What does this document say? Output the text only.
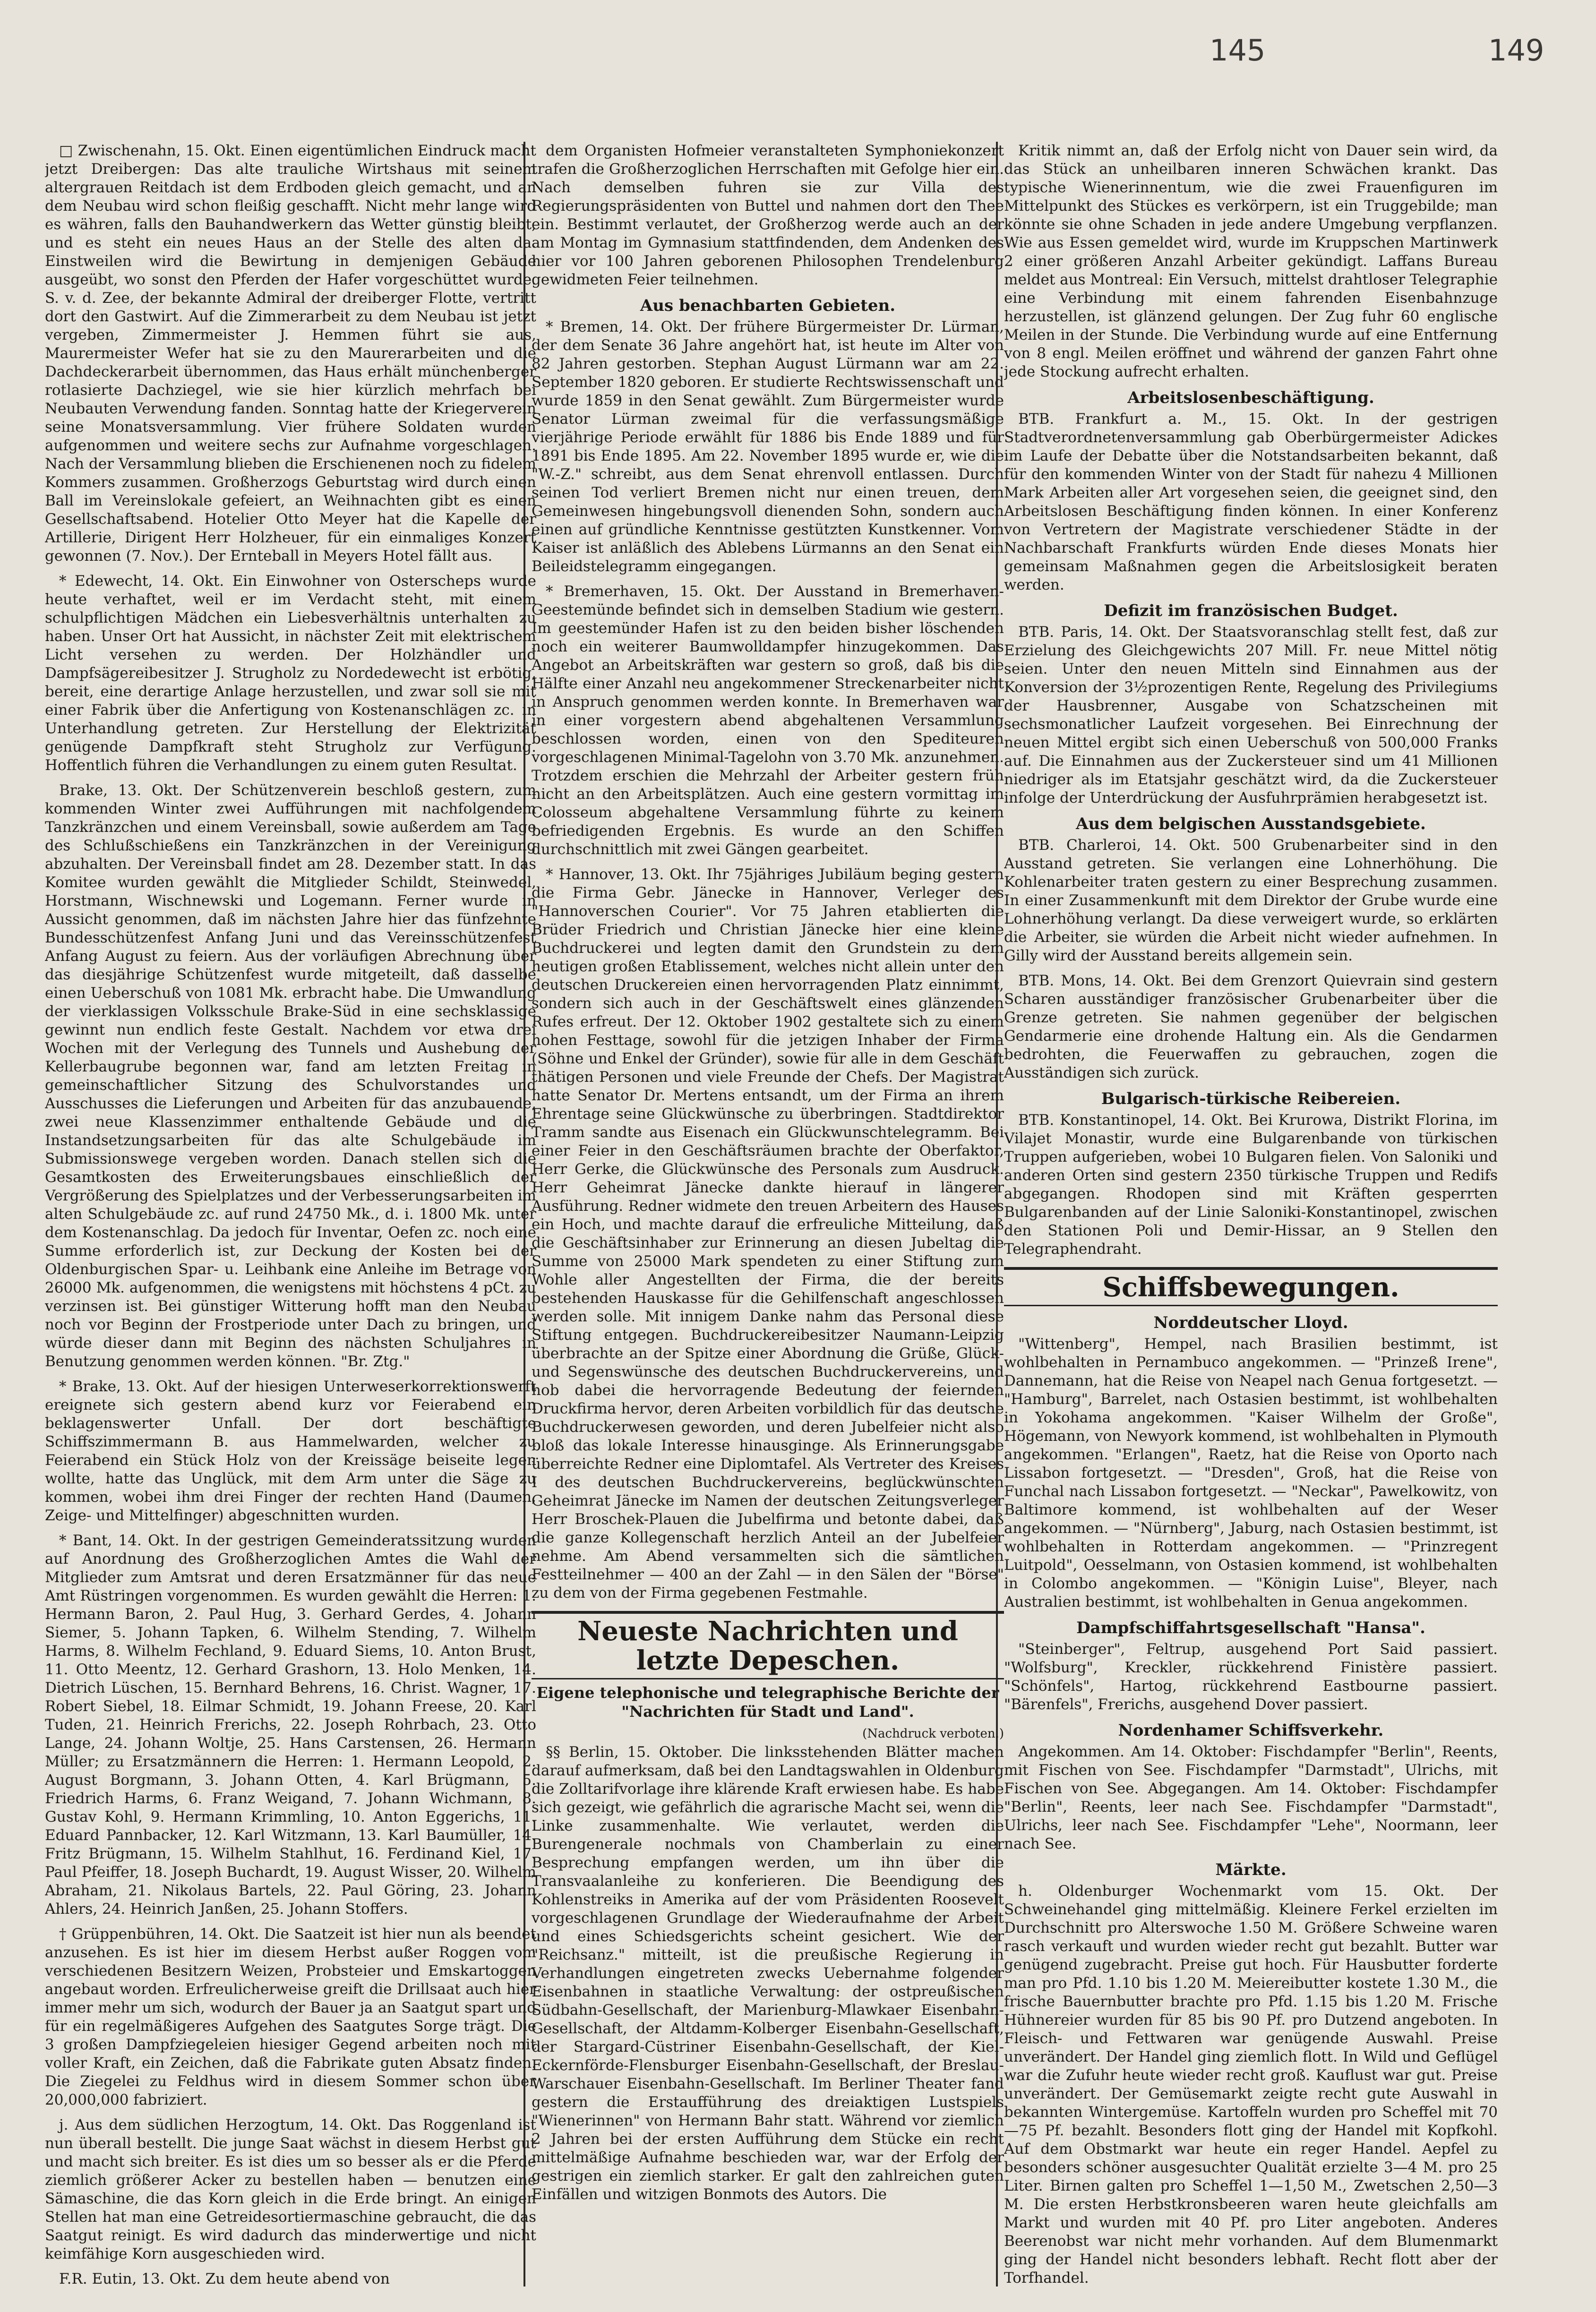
145	149

□ Zwischenahn, 15. Okt. Einen eigentümlichen Eindruck macht jetzt Dreibergen: Das alte trauliche Wirtshaus mit seinem altergrauen Reitdach ist dem Erdboden gleich gemacht, und an dem Neubau wird schon fleißig geschafft. Nicht mehr lange wird es währen, falls den Bauhandwerkern das Wetter günstig bleibt, und es steht ein neues Haus an der Stelle des alten da. Einstweilen wird die Bewirtung in demjenigen Gebäude ausgeübt, wo sonst den Pferden der Hafer vorgeschüttet wurde. S. v. d. Zee, der bekannte Admiral der dreiberger Flotte, vertritt dort den Gastwirt. Auf die Zimmerarbeit zu dem Neubau ist jetzt vergeben, Zimmermeister J. Hemmen führt sie aus, Maurermeister Wefer hat sie zu den Maurerarbeiten und die Dachdeckerarbeit übernommen, das Haus erhält münchenberger rotlasierte Dachziegel, wie sie hier kürzlich mehrfach bei Neubauten Verwendung fanden. Sonntag hatte der Kriegerverein seine Monatsversammlung. Vier frühere Soldaten wurden aufgenommen und weitere sechs zur Aufnahme vorgeschlagen. Nach der Versammlung blieben die Erschienenen noch zu fidelem Kommers zusammen. Großherzogs Geburtstag wird durch einen Ball im Vereinslokale gefeiert, an Weihnachten gibt es einen Gesellschaftsabend. Hotelier Otto Meyer hat die Kapelle der Artillerie, Dirigent Herr Holzheuer, für ein einmaliges Konzert gewonnen (7. Nov.). Der Ernteball in Meyers Hotel fällt aus.

* Edewecht, 14. Okt. Ein Einwohner von Osterscheps wurde heute verhaftet, weil er im Verdacht steht, mit einem schulpflichtigen Mädchen ein Liebesverhältnis unterhalten zu haben. Unser Ort hat Aussicht, in nächster Zeit mit elektrischem Licht versehen zu werden. Der Holzhändler und Dampfsägereibesitzer J. Strugholz zu Nordedewecht ist erbötig, bereit, eine derartige Anlage herzustellen, und zwar soll sie mit einer Fabrik über die Anfertigung von Kostenanschlägen zc. in Unterhandlung getreten. Zur Herstellung der Elektrizität genügende Dampfkraft steht Strugholz zur Verfügung. Hoffentlich führen die Verhandlungen zu einem guten Resultat.

Brake, 13. Okt. Der Schützenverein beschloß gestern, zum kommenden Winter zwei Aufführungen mit nachfolgendem Tanzkränzchen und einem Vereinsball, sowie außerdem am Tage des Schlußschießens ein Tanzkränzchen in der Vereinigung abzuhalten. Der Vereinsball findet am 28. Dezember statt. In das Komitee wurden gewählt die Mitglieder Schildt, Steinwedel, Horstmann, Wischnewski und Logemann. Ferner wurde in Aussicht genommen, daß im nächsten Jahre hier das fünfzehnte Bundesschützenfest Anfang Juni und das Vereinsschützenfest Anfang August zu feiern. Aus der vorläufigen Abrechnung über das diesjährige Schützenfest wurde mitgeteilt, daß dasselbe einen Ueberschuß von 1081 Mk. erbracht habe. Die Umwandlung der vierklassigen Volksschule Brake-Süd in eine sechsklassige gewinnt nun endlich feste Gestalt. Nachdem vor etwa drei Wochen mit der Verlegung des Tunnels und Aushebung der Kellerbaugrube begonnen war, fand am letzten Freitag in gemeinschaftlicher Sitzung des Schulvorstandes und Ausschusses die Lieferungen und Arbeiten für das anzubauende, zwei neue Klassenzimmer enthaltende Gebäude und die Instandsetzungsarbeiten für das alte Schulgebäude im Submissionswege vergeben worden. Danach stellen sich die Gesamtkosten des Erweiterungsbaues einschließlich der Vergrößerung des Spielplatzes und der Verbesserungsarbeiten im alten Schulgebäude zc. auf rund 24750 Mk., d. i. 1800 Mk. unter dem Kostenanschlag. Da jedoch für Inventar, Oefen zc. noch eine Summe erforderlich ist, zur Deckung der Kosten bei der Oldenburgischen Spar- u. Leihbank eine Anleihe im Betrage von 26000 Mk. aufgenommen, die wenigstens mit höchstens 4 pCt. zu verzinsen ist. Bei günstiger Witterung hofft man den Neubau noch vor Beginn der Frostperiode unter Dach zu bringen, und würde dieser dann mit Beginn des nächsten Schuljahres in Benutzung genommen werden können. "Br. Ztg."

* Brake, 13. Okt. Auf der hiesigen Unterweserkorrektionswerft ereignete sich gestern abend kurz vor Feierabend ein beklagenswerter Unfall. Der dort beschäftigte Schiffszimmermann B. aus Hammelwarden, welcher zu Feierabend ein Stück Holz von der Kreissäge beiseite legen wollte, hatte das Unglück, mit dem Arm unter die Säge zu kommen, wobei ihm drei Finger der rechten Hand (Daumen, Zeige- und Mittelfinger) abgeschnitten wurden.

* Bant, 14. Okt. In der gestrigen Gemeinderatssitzung wurden auf Anordnung des Großherzoglichen Amtes die Wahl der Mitglieder zum Amtsrat und deren Ersatzmänner für das neue Amt Rüstringen vorgenommen. Es wurden gewählt die Herren: 1. Hermann Baron, 2. Paul Hug, 3. Gerhard Gerdes, 4. Johann Siemer, 5. Johann Tapken, 6. Wilhelm Stending, 7. Wilhelm Harms, 8. Wilhelm Fechland, 9. Eduard Siems, 10. Anton Brust, 11. Otto Meentz, 12. Gerhard Grashorn, 13. Holo Menken, 14. Dietrich Lüschen, 15. Bernhard Behrens, 16. Christ. Wagner, 17. Robert Siebel, 18. Eilmar Schmidt, 19. Johann Freese, 20. Karl Tuden, 21. Heinrich Frerichs, 22. Joseph Rohrbach, 23. Otto Lange, 24. Johann Woltje, 25. Hans Carstensen, 26. Hermann Müller; zu Ersatzmännern die Herren: 1. Hermann Leopold, 2. August Borgmann, 3. Johann Otten, 4. Karl Brügmann, 5. Friedrich Harms, 6. Franz Weigand, 7. Johann Wichmann, 8. Gustav Kohl, 9. Hermann Krimmling, 10. Anton Eggerichs, 11. Eduard Pannbacker, 12. Karl Witzmann, 13. Karl Baumüller, 14. Fritz Brügmann, 15. Wilhelm Stahlhut, 16. Ferdinand Kiel, 17. Paul Pfeiffer, 18. Joseph Buchardt, 19. August Wisser, 20. Wilhelm Abraham, 21. Nikolaus Bartels, 22. Paul Göring, 23. Johann Ahlers, 24. Heinrich Janßen, 25. Johann Stoffers.

† Grüppenbühren, 14. Okt. Die Saatzeit ist hier nun als beendet anzusehen. Es ist hier im diesem Herbst außer Roggen vom verschiedenen Besitzern Weizen, Probsteier und Emskartoggen angebaut worden. Erfreulicherweise greift die Drillsaat auch hier immer mehr um sich, wodurch der Bauer ja an Saatgut spart und für ein regelmäßigeres Aufgehen des Saatgutes Sorge trägt. Die 3 großen Dampfziegeleien hiesiger Gegend arbeiten noch mit voller Kraft, ein Zeichen, daß die Fabrikate guten Absatz finden. Die Ziegelei zu Feldhus wird in diesem Sommer schon über 20,000,000 fabriziert.

j. Aus dem südlichen Herzogtum, 14. Okt. Das Roggenland ist nun überall bestellt. Die junge Saat wächst in diesem Herbst gut und macht sich breiter. Es ist dies um so besser als er die Pferde ziemlich größerer Acker zu bestellen haben — benutzen eine Sämaschine, die das Korn gleich in die Erde bringt. An einigen Stellen hat man eine Getreidesortiermaschine gebraucht, die das Saatgut reinigt. Es wird dadurch das minderwertige und nicht keimfähige Korn ausgeschieden wird.

F.R. Eutin, 13. Okt. Zu dem heute abend von

dem Organisten Hofmeier veranstalteten Symphoniekonzert trafen die Großherzoglichen Herrschaften mit Gefolge hier ein. Nach demselben fuhren sie zur Villa des Regierungspräsidenten von Buttel und nahmen dort den Thee ein. Bestimmt verlautet, der Großherzog werde auch an der am Montag im Gymnasium stattfindenden, dem Andenken des hier vor 100 Jahren geborenen Philosophen Trendelenburg gewidmeten Feier teilnehmen.

Aus benachbarten Gebieten.

* Bremen, 14. Okt. Der frühere Bürgermeister Dr. Lürman, der dem Senate 36 Jahre angehört hat, ist heute im Alter von 82 Jahren gestorben. Stephan August Lürmann war am 22. September 1820 geboren. Er studierte Rechtswissenschaft und wurde 1859 in den Senat gewählt. Zum Bürgermeister wurde Senator Lürman zweimal für die verfassungsmäßige vierjährige Periode erwählt für 1886 bis Ende 1889 und für 1891 bis Ende 1895. Am 22. November 1895 wurde er, wie die "W.-Z." schreibt, aus dem Senat ehrenvoll entlassen. Durch seinen Tod verliert Bremen nicht nur einen treuen, dem Gemeinwesen hingebungsvoll dienenden Sohn, sondern auch einen auf gründliche Kenntnisse gestützten Kunstkenner. Vom Kaiser ist anläßlich des Ablebens Lürmanns an den Senat ein Beileidstelegramm eingegangen.

* Bremerhaven, 15. Okt. Der Ausstand in Bremerhaven-Geestemünde befindet sich in demselben Stadium wie gestern. Im geestemünder Hafen ist zu den beiden bisher löschenden noch ein weiterer Baumwolldampfer hinzugekommen. Das Angebot an Arbeitskräften war gestern so groß, daß bis die Hälfte einer Anzahl neu angekommener Streckenarbeiter nicht in Anspruch genommen werden konnte. In Bremerhaven war in einer vorgestern abend abgehaltenen Versammlung beschlossen worden, einen von den Spediteuren vorgeschlagenen Minimal-Tagelohn von 3.70 Mk. anzunehmen. Trotzdem erschien die Mehrzahl der Arbeiter gestern früh nicht an den Arbeitsplätzen. Auch eine gestern vormittag im Colosseum abgehaltene Versammlung führte zu keinem befriedigenden Ergebnis. Es wurde an den Schiffen durchschnittlich mit zwei Gängen gearbeitet.

* Hannover, 13. Okt. Ihr 75jähriges Jubiläum beging gestern die Firma Gebr. Jänecke in Hannover, Verleger des "Hannoverschen Courier". Vor 75 Jahren etablierten die Brüder Friedrich und Christian Jänecke hier eine kleine Buchdruckerei und legten damit den Grundstein zu dem heutigen großen Etablissement, welches nicht allein unter den deutschen Druckereien einen hervorragenden Platz einnimmt, sondern sich auch in der Geschäftswelt eines glänzenden Rufes erfreut. Der 12. Oktober 1902 gestaltete sich zu einem hohen Festtage, sowohl für die jetzigen Inhaber der Firma (Söhne und Enkel der Gründer), sowie für alle in dem Geschäft thätigen Personen und viele Freunde der Chefs. Der Magistrat hatte Senator Dr. Mertens entsandt, um der Firma an ihrem Ehrentage seine Glückwünsche zu überbringen. Stadtdirektor Tramm sandte aus Eisenach ein Glückwunschtelegramm. Bei einer Feier in den Geschäftsräumen brachte der Oberfaktor, Herr Gerke, die Glückwünsche des Personals zum Ausdruck. Herr Geheimrat Jänecke dankte hierauf in längerer Ausführung. Redner widmete den treuen Arbeitern des Hauses ein Hoch, und machte darauf die erfreuliche Mitteilung, daß die Geschäftsinhaber zur Erinnerung an diesen Jubeltag die Summe von 25000 Mark spendeten zu einer Stiftung zum Wohle aller Angestellten der Firma, die der bereits bestehenden Hauskasse für die Gehilfenschaft angeschlossen werden solle. Mit innigem Danke nahm das Personal diese Stiftung entgegen. Buchdruckereibesitzer Naumann-Leipzig überbrachte an der Spitze einer Abordnung die Grüße, Glück- und Segenswünsche des deutschen Buchdruckervereins, und hob dabei die hervorragende Bedeutung der feiernden Druckfirma hervor, deren Arbeiten vorbildlich für das deutsche Buchdruckerwesen geworden, und deren Jubelfeier nicht also bloß das lokale Interesse hinausginge. Als Erinnerungsgabe überreichte Redner eine Diplomtafel. Als Vertreter des Kreises I des deutschen Buchdruckervereins, beglückwünschten Geheimrat Jänecke im Namen der deutschen Zeitungsverleger Herr Broschek-Plauen die Jubelfirma und betonte dabei, daß die ganze Kollegenschaft herzlich Anteil an der Jubelfeier nehme. Am Abend versammelten sich die sämtlichen Festteilnehmer — 400 an der Zahl — in den Sälen der "Börse" zu dem von der Firma gegebenen Festmahle.

Neueste Nachrichten und letzte Depeschen.
Eigene telephonische und telegraphische Berichte der "Nachrichten für Stadt und Land".
(Nachdruck verboten.)

§§ Berlin, 15. Oktober. Die linksstehenden Blätter machen darauf aufmerksam, daß bei den Landtagswahlen in Oldenburg die Zolltarifvorlage ihre klärende Kraft erwiesen habe. Es habe sich gezeigt, wie gefährlich die agrarische Macht sei, wenn die Linke zusammenhalte. Wie verlautet, werden die Burengenerale nochmals von Chamberlain zu einer Besprechung empfangen werden, um ihn über die Transvaalanleihe zu konferieren. Die Beendigung des Kohlenstreiks in Amerika auf der vom Präsidenten Roosevelt vorgeschlagenen Grundlage der Wiederaufnahme der Arbeit und eines Schiedsgerichts scheint gesichert. Wie der "Reichsanz." mitteilt, ist die preußische Regierung in Verhandlungen eingetreten zwecks Uebernahme folgender Eisenbahnen in staatliche Verwaltung: der ostpreußischen Südbahn-Gesellschaft, der Marienburg-Mlawkaer Eisenbahn-Gesellschaft, der Altdamm-Kolberger Eisenbahn-Gesellschaft, der Stargard-Cüstriner Eisenbahn-Gesellschaft, der Kiel-Eckernförde-Flensburger Eisenbahn-Gesellschaft, der Breslau-Warschauer Eisenbahn-Gesellschaft. Im Berliner Theater fand gestern die Erstaufführung des dreiaktigen Lustspiels "Wienerinnen" von Hermann Bahr statt. Während vor ziemlich 2 Jahren bei der ersten Aufführung dem Stücke ein recht mittelmäßige Aufnahme beschieden war, war der Erfolg der gestrigen ein ziemlich starker. Er galt den zahlreichen guten Einfällen und witzigen Bonmots des Autors. Die

Kritik nimmt an, daß der Erfolg nicht von Dauer sein wird, da das Stück an unheilbaren inneren Schwächen krankt. Das typische Wienerinnentum, wie die zwei Frauenfiguren im Mittelpunkt des Stückes es verkörpern, ist ein Truggebilde; man könnte sie ohne Schaden in jede andere Umgebung verpflanzen. Wie aus Essen gemeldet wird, wurde im Kruppschen Martinwerk 2 einer größeren Anzahl Arbeiter gekündigt. Laffans Bureau meldet aus Montreal: Ein Versuch, mittelst drahtloser Telegraphie eine Verbindung mit einem fahrenden Eisenbahnzuge herzustellen, ist glänzend gelungen. Der Zug fuhr 60 englische Meilen in der Stunde. Die Verbindung wurde auf eine Entfernung von 8 engl. Meilen eröffnet und während der ganzen Fahrt ohne jede Stockung aufrecht erhalten.

Arbeitslosenbeschäftigung.

BTB. Frankfurt a. M., 15. Okt. In der gestrigen Stadtverordnetenversammlung gab Oberbürgermeister Adickes im Laufe der Debatte über die Notstandsarbeiten bekannt, daß für den kommenden Winter von der Stadt für nahezu 4 Millionen Mark Arbeiten aller Art vorgesehen seien, die geeignet sind, den Arbeitslosen Beschäftigung finden können. In einer Konferenz von Vertretern der Magistrate verschiedener Städte in der Nachbarschaft Frankfurts würden Ende dieses Monats hier gemeinsam Maßnahmen gegen die Arbeitslosigkeit beraten werden.

Defizit im französischen Budget.

BTB. Paris, 14. Okt. Der Staatsvoranschlag stellt fest, daß zur Erzielung des Gleichgewichts 207 Mill. Fr. neue Mittel nötig seien. Unter den neuen Mitteln sind Einnahmen aus der Konversion der 3½prozentigen Rente, Regelung des Privilegiums der Hausbrenner, Ausgabe von Schatzscheinen mit sechsmonatlicher Laufzeit vorgesehen. Bei Einrechnung der neuen Mittel ergibt sich einen Ueberschuß von 500,000 Franks auf. Die Einnahmen aus der Zuckersteuer sind um 41 Millionen niedriger als im Etatsjahr geschätzt wird, da die Zuckersteuer infolge der Unterdrückung der Ausfuhrprämien herabgesetzt ist.

Aus dem belgischen Ausstandsgebiete.

BTB. Charleroi, 14. Okt. 500 Grubenarbeiter sind in den Ausstand getreten. Sie verlangen eine Lohnerhöhung. Die Kohlenarbeiter traten gestern zu einer Besprechung zusammen. In einer Zusammenkunft mit dem Direktor der Grube wurde eine Lohnerhöhung verlangt. Da diese verweigert wurde, so erklärten die Arbeiter, sie würden die Arbeit nicht wieder aufnehmen. In Gilly wird der Ausstand bereits allgemein sein.

BTB. Mons, 14. Okt. Bei dem Grenzort Quievrain sind gestern Scharen ausständiger französischer Grubenarbeiter über die Grenze getreten. Sie nahmen gegenüber der belgischen Gendarmerie eine drohende Haltung ein. Als die Gendarmen bedrohten, die Feuerwaffen zu gebrauchen, zogen die Ausständigen sich zurück.

Bulgarisch-türkische Reibereien.

BTB. Konstantinopel, 14. Okt. Bei Krurowa, Distrikt Florina, im Vilajet Monastir, wurde eine Bulgarenbande von türkischen Truppen aufgerieben, wobei 10 Bulgaren fielen. Von Saloniki und anderen Orten sind gestern 2350 türkische Truppen und Redifs abgegangen. Rhodopen sind mit Kräften gesperrten Bulgarenbanden auf der Linie Saloniki-Konstantinopel, zwischen den Stationen Poli und Demir-Hissar, an 9 Stellen den Telegraphendraht.

Schiffsbewegungen.
Norddeutscher Lloyd.

"Wittenberg", Hempel, nach Brasilien bestimmt, ist wohlbehalten in Pernambuco angekommen. — "Prinzeß Irene", Dannemann, hat die Reise von Neapel nach Genua fortgesetzt. — "Hamburg", Barrelet, nach Ostasien bestimmt, ist wohlbehalten in Yokohama angekommen. "Kaiser Wilhelm der Große", Högemann, von Newyork kommend, ist wohlbehalten in Plymouth angekommen. "Erlangen", Raetz, hat die Reise von Oporto nach Lissabon fortgesetzt. — "Dresden", Groß, hat die Reise von Funchal nach Lissabon fortgesetzt. — "Neckar", Pawelkowitz, von Baltimore kommend, ist wohlbehalten auf der Weser angekommen. — "Nürnberg", Jaburg, nach Ostasien bestimmt, ist wohlbehalten in Rotterdam angekommen. — "Prinzregent Luitpold", Oesselmann, von Ostasien kommend, ist wohlbehalten in Colombo angekommen. — "Königin Luise", Bleyer, nach Australien bestimmt, ist wohlbehalten in Genua angekommen.

Dampfschiffahrtsgesellschaft "Hansa".

"Steinberger", Feltrup, ausgehend Port Said passiert. "Wolfsburg", Kreckler, rückkehrend Finistère passiert. "Schönfels", Hartog, rückkehrend Eastbourne passiert. "Bärenfels", Frerichs, ausgehend Dover passiert.

Nordenhamer Schiffsverkehr.

Angekommen. Am 14. Oktober: Fischdampfer "Berlin", Reents, mit Fischen von See. Fischdampfer "Darmstadt", Ulrichs, mit Fischen von See. Abgegangen. Am 14. Oktober: Fischdampfer "Berlin", Reents, leer nach See. Fischdampfer "Darmstadt", Ulrichs, leer nach See. Fischdampfer "Lehe", Noormann, leer nach See.

Märkte.

h. Oldenburger Wochenmarkt vom 15. Okt. Der Schweinehandel ging mittelmäßig. Kleinere Ferkel erzielten im Durchschnitt pro Alterswoche 1.50 M. Größere Schweine waren rasch verkauft und wurden wieder recht gut bezahlt. Butter war genügend zugebracht. Preise gut hoch. Für Hausbutter forderte man pro Pfd. 1.10 bis 1.20 M. Meiereibutter kostete 1.30 M., die frische Bauernbutter brachte pro Pfd. 1.15 bis 1.20 M. Frische Hühnereier wurden für 85 bis 90 Pf. pro Dutzend angeboten. In Fleisch- und Fettwaren war genügende Auswahl. Preise unverändert. Der Handel ging ziemlich flott. In Wild und Geflügel war die Zufuhr heute wieder recht groß. Kauflust war gut. Preise unverändert. Der Gemüsemarkt zeigte recht gute Auswahl in bekannten Wintergemüse. Kartoffeln wurden pro Scheffel mit 70—75 Pf. bezahlt. Besonders flott ging der Handel mit Kopfkohl. Auf dem Obstmarkt war heute ein reger Handel. Aepfel zu besonders schöner ausgesuchter Qualität erzielte 3—4 M. pro 25 Liter. Birnen galten pro Scheffel 1—1,50 M., Zwetschen 2,50—3 M. Die ersten Herbstkronsbeeren waren heute gleichfalls am Markt und wurden mit 40 Pf. pro Liter angeboten. Anderes Beerenobst war nicht mehr vorhanden. Auf dem Blumenmarkt ging der Handel nicht besonders lebhaft. Recht flott aber der Torfhandel.
